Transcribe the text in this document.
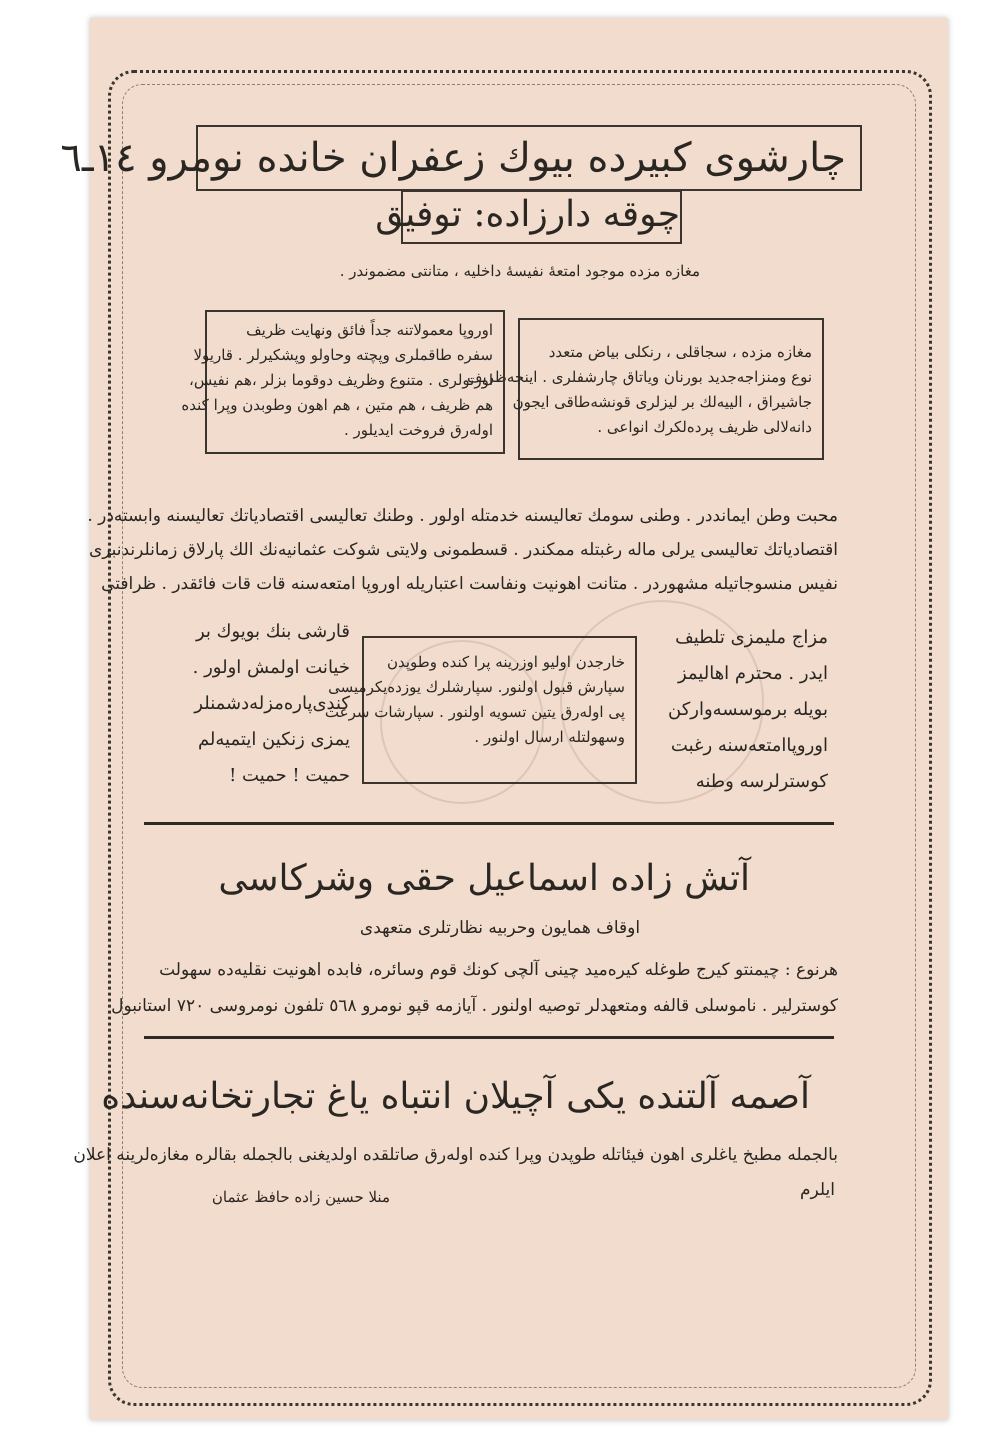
چارشوی کبیرده بیوك زعفران خانده نومرو ١٤ـ٦
چوقه دارزاده: توفیق
مغازه مزده موجود امتعهٔ نفیسهٔ داخلیه ، متانتی مضموندر .
مغازه مزده ، سجاقلی ، رنکلی بیاض متعدد
نوع ومنزاجه‌جدید بورنان ویاتاق چارشفلری . اینجه‌ظریف
جاشیراق ، الییه‌لك بر لیزلری قونشه‌طاقی ایجون
دانه‌لالی ظریف پرده‌لکرك انواعی .
اوروپا معمولاتنه جداً فائق ونهایت ظریف
سفره طاقملری وپچته وحاولو وپشکیرلر . قاریولا
اورتولری . متنوع وظریف دوقوما بزلر ،هم نفیس،
هم ظریف ، هم متین ، هم اهون وطوبدن وپرا کنده
اولەرق فروخت ایدیلور .
محبت وطن ایمانددر . وطنی سومك تعالیسنه خدمتله اولور . وطنك تعالیسی اقتصادیاتك تعالیسنه وابسته‌در .
اقتصادیاتك تعالیسی یرلی ماله رغبتله ممکندر . قسطمونی ولایتی شوکت عثمانیه‌نك الك پارلاق زمانلرندنبری
نفیس منسوجاتیله مشهوردر . متانت اهونیت ونفاست اعتباریله اوروپا امتعه‌سنه قات قات فائقدر . ظرافتی
مزاج ملیمزی تلطیف
ایدر . محترم اهالیمز
بویله برموسسه‌وارکن
اوروپاامتعه‌سنه رغبت
کوسترلرسه وطنه
خارجدن اولیو اوزرینه پرا کنده وطوپدن
سپارش قبول اولنور. سپارشلرك یوزده‌یکرمیسی
پی اوله‌رق یتین تسویه اولنور . سپارشات سرعت
وسهولتله ارسال اولنور .
قارشی بنك بویوك بر
خیانت اولمش اولور .
کندی‌پاره‌مزله‌دشمنلر
یمزی زنکین ایتمیه‌لم
حمیت ! حمیت !
آتش زاده اسماعیل حقی وشرکاسی
اوقاف همایون وحربیه نظارتلری متعهدی
هرنوع : چیمنتو کیرج طوغله کیره‌مید چینی آلچی کونك قوم وسائره، فابده اهونیت نقلیه‌ده سهولت
کوسترلیر . ناموسلی قالفه ومتعهدلر توصیه اولنور . آیازمه قپو نومرو ٥٦٨ تلفون نومروسی ٧٢٠ استانبول
آصمه آلتنده یکی آچیلان انتباه یاغ تجارتخانه‌سنده
بالجمله مطبخ یاغلری اهون فیئاتله طوپدن وپرا کنده اوله‌رق صاتلقده اولدیغنی بالجمله بقالره مغازه‌لرینه اعلان
ایلرم
منلا حسین زاده حافظ عثمان
